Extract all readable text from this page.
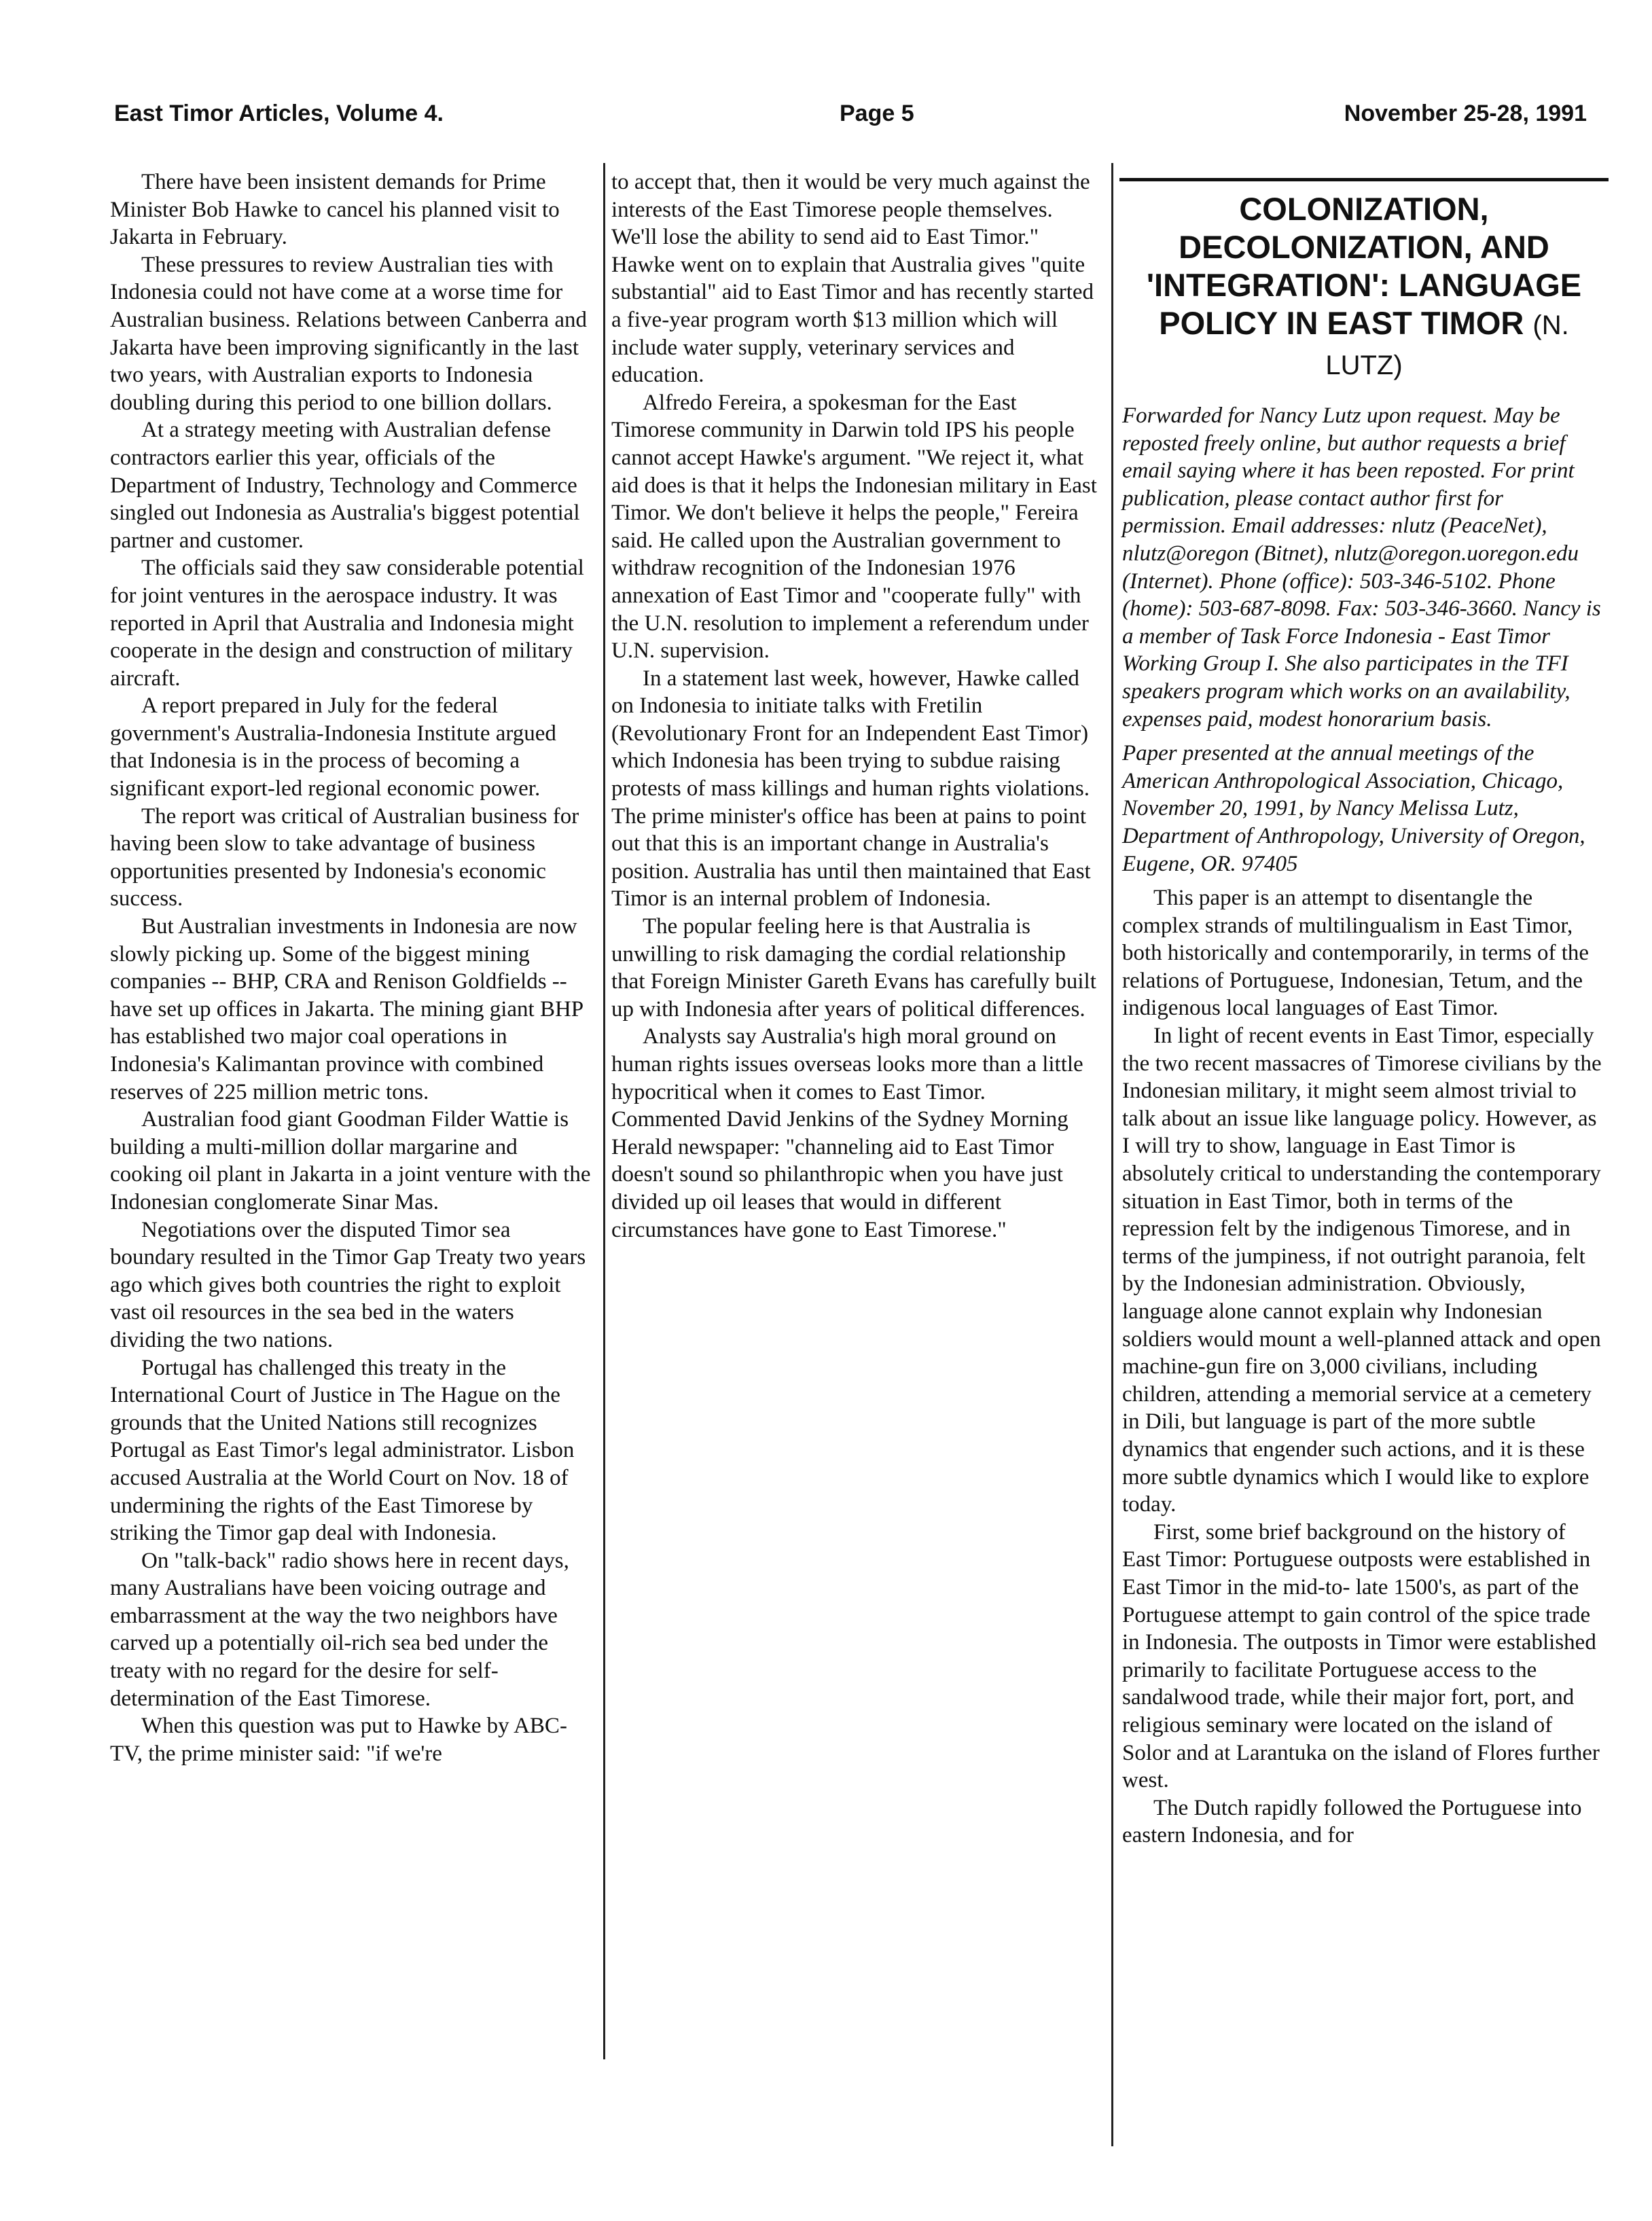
East Timor Articles, Volume 4.	Page 5	November 25-28, 1991

There have been insistent demands for Prime Minister Bob Hawke to cancel his planned visit to Jakarta in February.

These pressures to review Australian ties with Indonesia could not have come at a worse time for Australian business. Relations between Canberra and Jakarta have been improving significantly in the last two years, with Australian exports to Indonesia doubling during this period to one billion dollars.

At a strategy meeting with Australian defense contractors earlier this year, officials of the Department of Industry, Technology and Commerce singled out Indonesia as Australia's biggest potential partner and customer.

The officials said they saw considerable potential for joint ventures in the aerospace industry. It was reported in April that Australia and Indonesia might cooperate in the design and construction of military aircraft.

A report prepared in July for the federal government's Australia-Indonesia Institute argued that Indonesia is in the process of becoming a significant export-led regional economic power.

The report was critical of Australian business for having been slow to take advantage of business opportunities presented by Indonesia's economic success.

But Australian investments in Indonesia are now slowly picking up. Some of the biggest mining companies -- BHP, CRA and Renison Goldfields -- have set up offices in Jakarta. The mining giant BHP has established two major coal operations in Indonesia's Kalimantan province with combined reserves of 225 million metric tons.

Australian food giant Goodman Filder Wattie is building a multi-million dollar margarine and cooking oil plant in Jakarta in a joint venture with the Indonesian conglomerate Sinar Mas.

Negotiations over the disputed Timor sea boundary resulted in the Timor Gap Treaty two years ago which gives both countries the right to exploit vast oil resources in the sea bed in the waters dividing the two nations.

Portugal has challenged this treaty in the International Court of Justice in The Hague on the grounds that the United Nations still recognizes Portugal as East Timor's legal administrator. Lisbon accused Australia at the World Court on Nov. 18 of undermining the rights of the East Timorese by striking the Timor gap deal with Indonesia.

On "talk-back" radio shows here in recent days, many Australians have been voicing outrage and embarrassment at the way the two neighbors have carved up a potentially oil-rich sea bed under the treaty with no regard for the desire for self-determination of the East Timorese.

When this question was put to Hawke by ABC-TV, the prime minister said: "if we're

to accept that, then it would be very much against the interests of the East Timorese people themselves. We'll lose the ability to send aid to East Timor." Hawke went on to explain that Australia gives "quite substantial" aid to East Timor and has recently started a five-year program worth $13 million which will include water supply, veterinary services and education.

Alfredo Fereira, a spokesman for the East Timorese community in Darwin told IPS his people cannot accept Hawke's argument. "We reject it, what aid does is that it helps the Indonesian military in East Timor. We don't believe it helps the people," Fereira said. He called upon the Australian government to withdraw recognition of the Indonesian 1976 annexation of East Timor and "cooperate fully" with the U.N. resolution to implement a referendum under U.N. supervision.

In a statement last week, however, Hawke called on Indonesia to initiate talks with Fretilin (Revolutionary Front for an Independent East Timor) which Indonesia has been trying to subdue raising protests of mass killings and human rights violations. The prime minister's office has been at pains to point out that this is an important change in Australia's position. Australia has until then maintained that East Timor is an internal problem of Indonesia.

The popular feeling here is that Australia is unwilling to risk damaging the cordial relationship that Foreign Minister Gareth Evans has carefully built up with Indonesia after years of political differences.

Analysts say Australia's high moral ground on human rights issues overseas looks more than a little hypocritical when it comes to East Timor. Commented David Jenkins of the Sydney Morning Herald newspaper: "channeling aid to East Timor doesn't sound so philanthropic when you have just divided up oil leases that would in different circumstances have gone to East Timorese."

COLONIZATION, DECOLONIZATION, AND 'INTEGRATION': LANGUAGE POLICY IN EAST TIMOR (N. LUTZ)

Forwarded for Nancy Lutz upon request. May be reposted freely online, but author requests a brief email saying where it has been reposted. For print publication, please contact author first for permission. Email addresses: nlutz (PeaceNet), nlutz@oregon (Bitnet), nlutz@oregon.uoregon.edu (Internet). Phone (office): 503-346-5102. Phone (home): 503-687-8098. Fax: 503-346-3660. Nancy is a member of Task Force Indonesia - East Timor Working Group I. She also participates in the TFI speakers program which works on an availability, expenses paid, modest honorarium basis.

Paper presented at the annual meetings of the American Anthropological Association, Chicago, November 20, 1991, by Nancy Melissa Lutz, Department of Anthropology, University of Oregon, Eugene, OR. 97405

This paper is an attempt to disentangle the complex strands of multilingualism in East Timor, both historically and contemporarily, in terms of the relations of Portuguese, Indonesian, Tetum, and the indigenous local languages of East Timor.

In light of recent events in East Timor, especially the two recent massacres of Timorese civilians by the Indonesian military, it might seem almost trivial to talk about an issue like language policy. However, as I will try to show, language in East Timor is absolutely critical to understanding the contemporary situation in East Timor, both in terms of the repression felt by the indigenous Timorese, and in terms of the jumpiness, if not outright paranoia, felt by the Indonesian administration. Obviously, language alone cannot explain why Indonesian soldiers would mount a well-planned attack and open machine-gun fire on 3,000 civilians, including children, attending a memorial service at a cemetery in Dili, but language is part of the more subtle dynamics that engender such actions, and it is these more subtle dynamics which I would like to explore today.

First, some brief background on the history of East Timor: Portuguese outposts were established in East Timor in the mid-to- late 1500's, as part of the Portuguese attempt to gain control of the spice trade in Indonesia. The outposts in Timor were established primarily to facilitate Portuguese access to the sandalwood trade, while their major fort, port, and religious seminary were located on the island of Solor and at Larantuka on the island of Flores further west.

The Dutch rapidly followed the Portuguese into eastern Indonesia, and for
